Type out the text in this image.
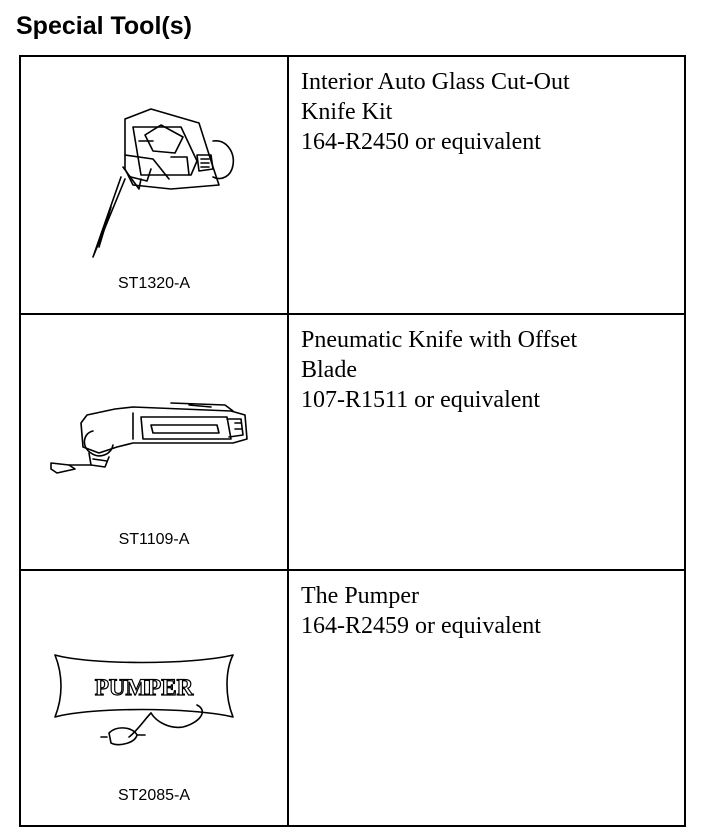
Special Tool(s)
ST1320-A	Interior Auto Glass Cut-Out
Knife Kit
164-R2450 or equivalent

ST1109-A	Pneumatic Knife with Offset
Blade
107-R1511 or equivalent

PUMPER
ST2085-A	The Pumper
164-R2459 or equivalent
